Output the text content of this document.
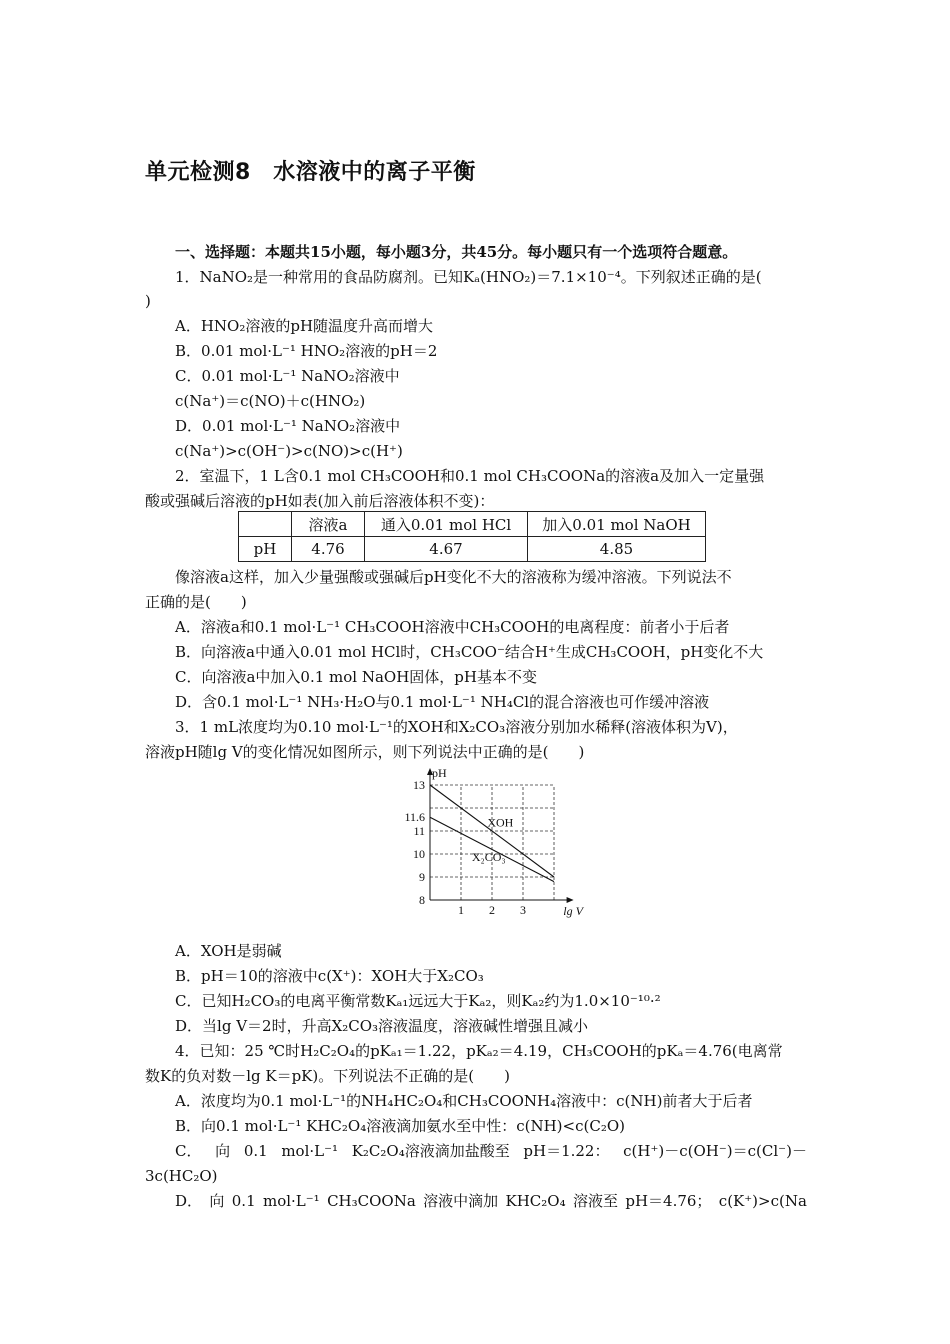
单元检测8　水溶液中的离子平衡
一、选择题：本题共15小题，每小题3分，共45分。每小题只有一个选项符合题意。
1．NaNO₂是一种常用的食品防腐剂。已知Kₐ(HNO₂)＝7.1×10⁻⁴。下列叙述正确的是(
)
A．HNO₂溶液的pH随温度升高而增大
B．0.01 mol·L⁻¹ HNO₂溶液的pH＝2
C．0.01 mol·L⁻¹ NaNO₂溶液中
c(Na⁺)＝c(NO)＋c(HNO₂)
D．0.01 mol·L⁻¹ NaNO₂溶液中
c(Na⁺)>c(OH⁻)>c(NO)>c(H⁺)
2．室温下，1 L含0.1 mol CH₃COOH和0.1 mol CH₃COONa的溶液a及加入一定量强
酸或强碱后溶液的pH如表(加入前后溶液体积不变)：
	溶液a	通入0.01 mol HCl	加入0.01 mol NaOH
pH	4.76	4.67	4.85
像溶液a这样，加入少量强酸或强碱后pH变化不大的溶液称为缓冲溶液。下列说法不
正确的是(　　)
A．溶液a和0.1 mol·L⁻¹ CH₃COOH溶液中CH₃COOH的电离程度：前者小于后者
B．向溶液a中通入0.01 mol HCl时，CH₃COO⁻结合H⁺生成CH₃COOH，pH变化不大
C．向溶液a中加入0.1 mol NaOH固体，pH基本不变
D．含0.1 mol·L⁻¹ NH₃·H₂O与0.1 mol·L⁻¹ NH₄Cl的混合溶液也可作缓冲溶液
3．1 mL浓度均为0.10 mol·L⁻¹的XOH和X₂CO₃溶液分别加水稀释(溶液体积为V)，
溶液pH随lg V的变化情况如图所示，则下列说法中正确的是(　　)
pH
lg V
8
9
10
11
11.6
13
1 2 3
XOH
X₂CO₃
A．XOH是弱碱
B．pH＝10的溶液中c(X⁺)：XOH大于X₂CO₃
C．已知H₂CO₃的电离平衡常数Kₐ₁远远大于Kₐ₂，则Kₐ₂约为1.0×10⁻¹⁰·²
D．当lg V＝2时，升高X₂CO₃溶液温度，溶液碱性增强且减小
4．已知：25 ℃时H₂C₂O₄的pKₐ₁＝1.22，pKₐ₂＝4.19，CH₃COOH的pKₐ＝4.76(电离常
数K的负对数－lg K＝pK)。下列说法不正确的是(　　)
A．浓度均为0.1 mol·L⁻¹的NH₄HC₂O₄和CH₃COONH₄溶液中：c(NH)前者大于后者
B．向0.1 mol·L⁻¹ KHC₂O₄溶液滴加氨水至中性：c(NH)<c(C₂O)
C． 向 0.1 mol·L⁻¹ K₂C₂O₄溶液滴加盐酸至 pH＝1.22： c(H⁺)－c(OH⁻)＝c(Cl⁻)－
3c(HC₂O)
D． 向 0.1 mol·L⁻¹ CH₃COONa 溶液中滴加 KHC₂O₄ 溶液至 pH＝4.76； c(K⁺)>c(Na
